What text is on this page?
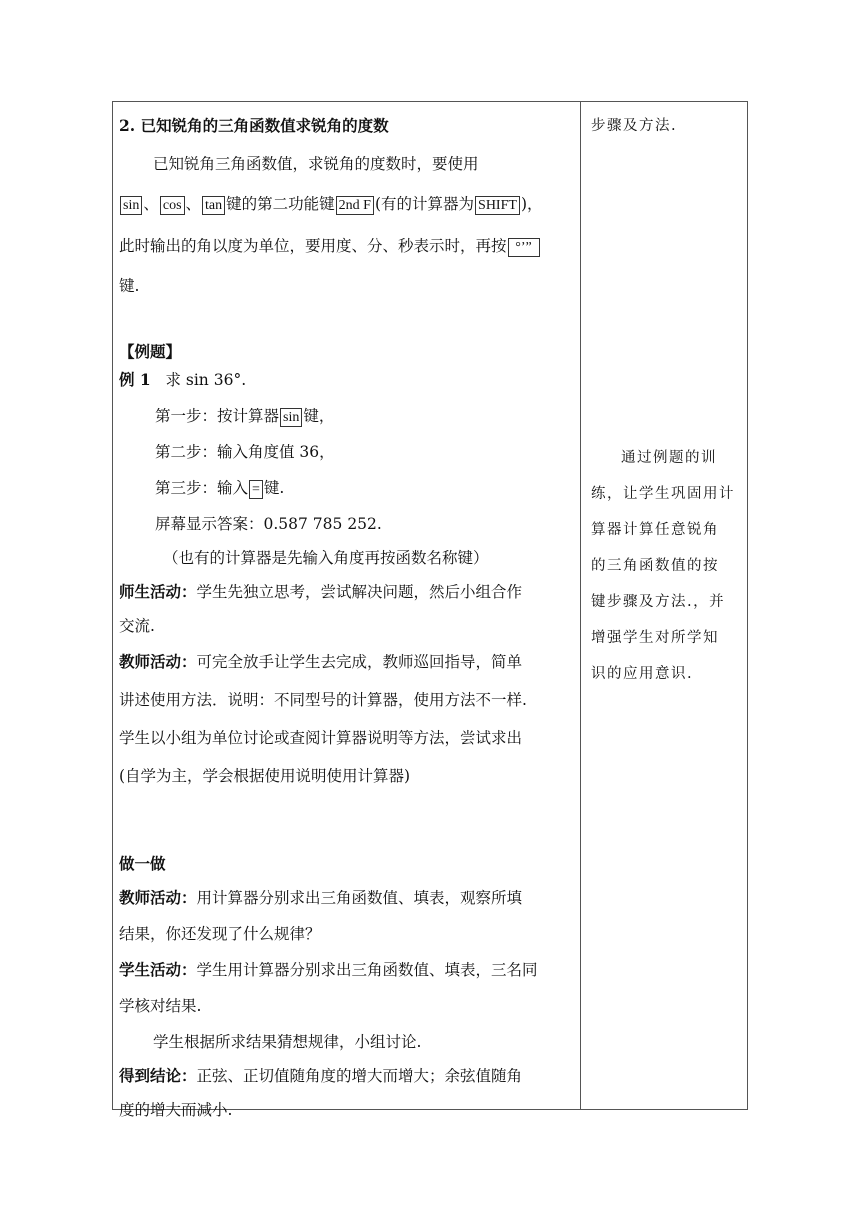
2. 已知锐角的三角函数值求锐角的度数
已知锐角三角函数值，求锐角的度数时，要使用
sin 、 cos 、 tan 键的第二功能键 2nd F (有的计算器为 SHIFT )，
此时输出的角以度为单位，要用度、分、秒表示时，再按 °’”
键.
【例题】
例 1 求 sin 36°.
第一步：按计算器 sin 键，
第二步：输入角度值 36，
第三步：输入 = 键.
屏幕显示答案：0.587 785 252.
（也有的计算器是先输入角度再按函数名称键）
师生活动：学生先独立思考，尝试解决问题，然后小组合作
交流.
教师活动：可完全放手让学生去完成，教师巡回指导，简单
讲述使用方法．说明：不同型号的计算器，使用方法不一样.
学生以小组为单位讨论或查阅计算器说明等方法，尝试求出
(自学为主，学会根据使用说明使用计算器)
做一做
教师活动：用计算器分别求出三角函数值、填表，观察所填
结果，你还发现了什么规律？
学生活动：学生用计算器分别求出三角函数值、填表，三名同
学核对结果.
学生根据所求结果猜想规律，小组讨论.
得到结论：正弦、正切值随角度的增大而增大；余弦值随角
度的增大而减小.
步骤及方法.
通过例题的训
练，让学生巩固用计
算器计算任意锐角
的三角函数值的按
键步骤及方法.，并
增强学生对所学知
识的应用意识.
